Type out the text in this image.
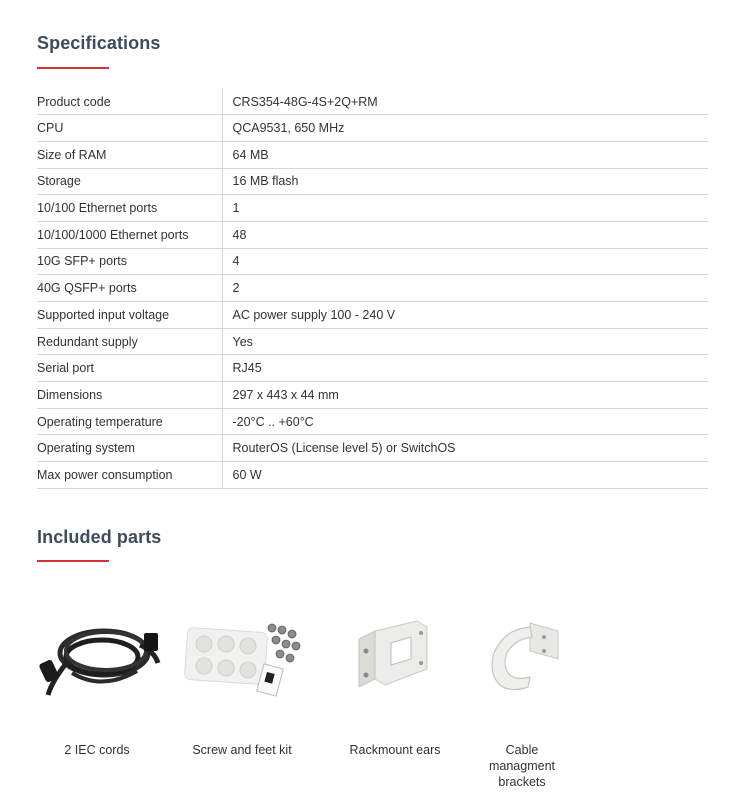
Specifications
Product code	CRS354-48G-4S+2Q+RM
CPU	QCA9531, 650 MHz
Size of RAM	64 MB
Storage	16 MB flash
10/100 Ethernet ports	1
10/100/1000 Ethernet ports	48
10G SFP+ ports	4
40G QSFP+ ports	2
Supported input voltage	AC power supply 100 - 240 V
Redundant supply	Yes
Serial port	RJ45
Dimensions	297 x 443 x 44 mm
Operating temperature	-20°C .. +60°C
Operating system	RouterOS (License level 5) or SwitchOS
Max power consumption	60 W
Included parts
2 IEC cords	Screw and feet kit	Rackmount ears	Cable managment brackets
